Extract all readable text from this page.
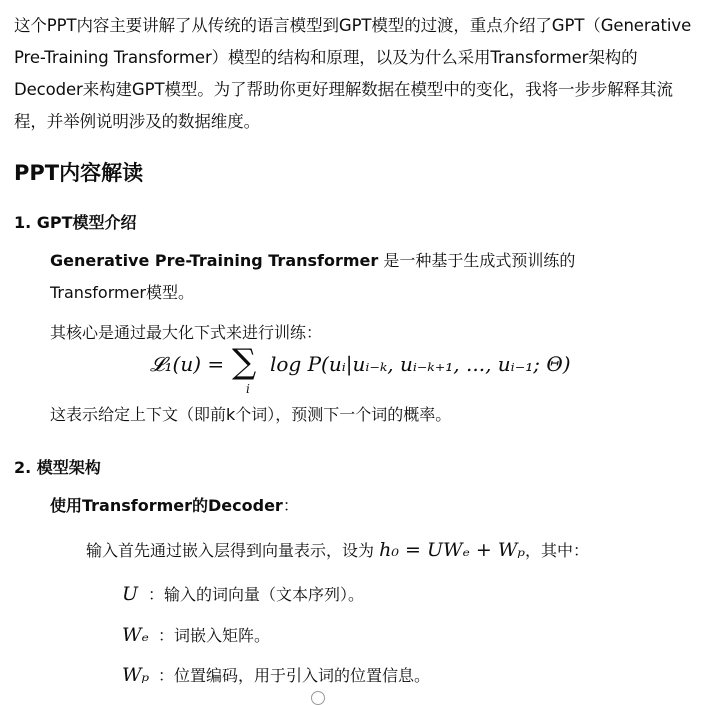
这个PPT内容主要讲解了从传统的语言模型到GPT模型的过渡，重点介绍了GPT（Generative Pre-Training Transformer）模型的结构和原理，以及为什么采用Transformer架构的Decoder来构建GPT模型。为了帮助你更好理解数据在模型中的变化，我将一步步解释其流程，并举例说明涉及的数据维度。

PPT内容解读
1. GPT模型介绍

Generative Pre-Training Transformer 是一种基于生成式预训练的Transformer模型。

其核心是通过最大化下式来进行训练：

𝓛₁(u) = ∑
i
log P(uᵢ|uᵢ₋ₖ, uᵢ₋ₖ₊₁, ..., uᵢ₋₁; Θ)

这表示给定上下文（即前k个词），预测下一个词的概率。

2. 模型架构

使用Transformer的Decoder：

输入首先通过嵌入层得到向量表示，设为 h₀ = UWₑ + Wₚ，其中：

U ：输入的词向量（文本序列）。

Wₑ ：词嵌入矩阵。

Wₚ ：位置编码，用于引入词的位置信息。
